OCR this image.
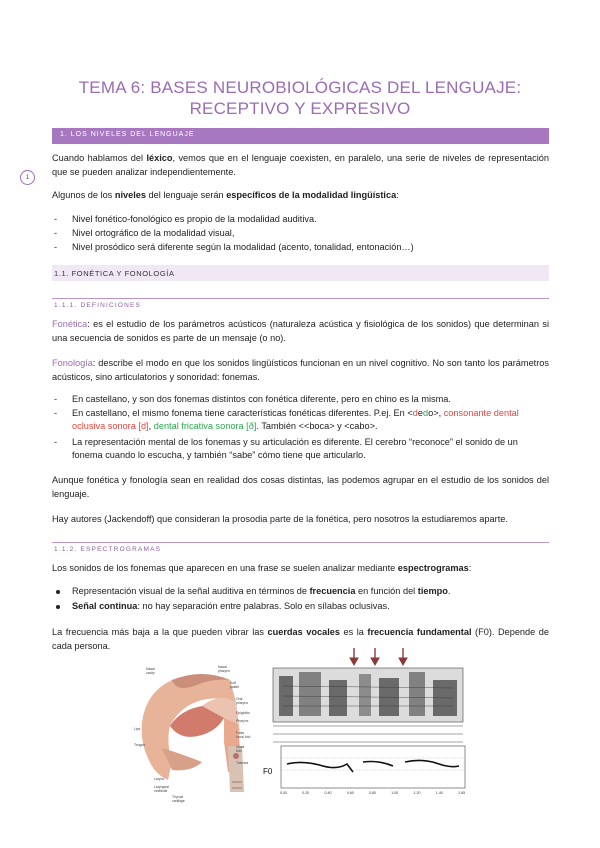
TEMA 6: BASES NEUROBIOLÓGICAS DEL LENGUAJE:
RECEPTIVO Y EXPRESIVO
1. LOS NIVELES DEL LENGUAJE
1
Cuando hablamos del léxico, vemos que en el lenguaje coexisten, en paralelo, una serie de niveles de representación que se pueden analizar independientemente.
Algunos de los niveles del lenguaje serán específicos de la modalidad lingüística:
- Nivel fonético-fonológico es propio de la modalidad auditiva.
- Nivel ortográfico de la modalidad visual,
- Nivel prosódico será diferente según la modalidad (acento, tonalidad, entonación…)
1.1. FONÉTICA Y FONOLOGÍA
1.1.1. DEFINICIONES
Fonética: es el estudio de los parámetros acústicos (naturaleza acústica y fisiológica de los sonidos) que determinan si una secuencia de sonidos es parte de un mensaje (o no).
Fonología: describe el modo en que los sonidos lingüísticos funcionan en un nivel cognitivo. No son tanto los parámetros acústicos, sino articulatorios y sonoridad: fonemas.
- En castellano, y son dos fonemas distintos con fonética diferente, pero en chino es la misma.
- En castellano, el mismo fonema tiene características fonéticas diferentes. P.ej. En <dedo>, consonante dental oclusiva sonora [d], dental fricativa sonora [ð]. También <<boca> y <cabo>.
- La representación mental de los fonemas y su articulación es diferente. El cerebro “reconoce” el sonido de un fonema cuando lo escucha, y también “sabe” cómo tiene que articularlo.
Aunque fonética y fonología sean en realidad dos cosas distintas, las podemos agrupar en el estudio de los sonidos del lenguaje.
Hay autores (Jackendoff) que consideran la prosodia parte de la fonética, pero nosotros la estudiaremos aparte.
1.1.2. ESPECTROGRAMAS
Los sonidos de los fonemas que aparecen en una frase se suelen analizar mediante espectrogramas:
Representación visual de la señal auditiva en términos de frecuencia en función del tiempo.
Señal continua: no hay separación entre palabras. Solo en sílabas oclusivas.
La frecuencia más baja a la que pueden vibrar las cuerdas vocales es la frecuencia fundamental (F0). Depende de cada persona.
Nasal
cavity
Nasal
pharynx
Soft
palate
Oral
pharynx
Epiglottis
Pharynx
False
vocal fold
Vocal
fold
Trachea
Lips
Tongue
Larynx
Laryngeal
vestibule
Thyroid
cartilage
F0
0.00	0.20	0.40	0.60	0.80	1.00	1.20	1.40	1.65
